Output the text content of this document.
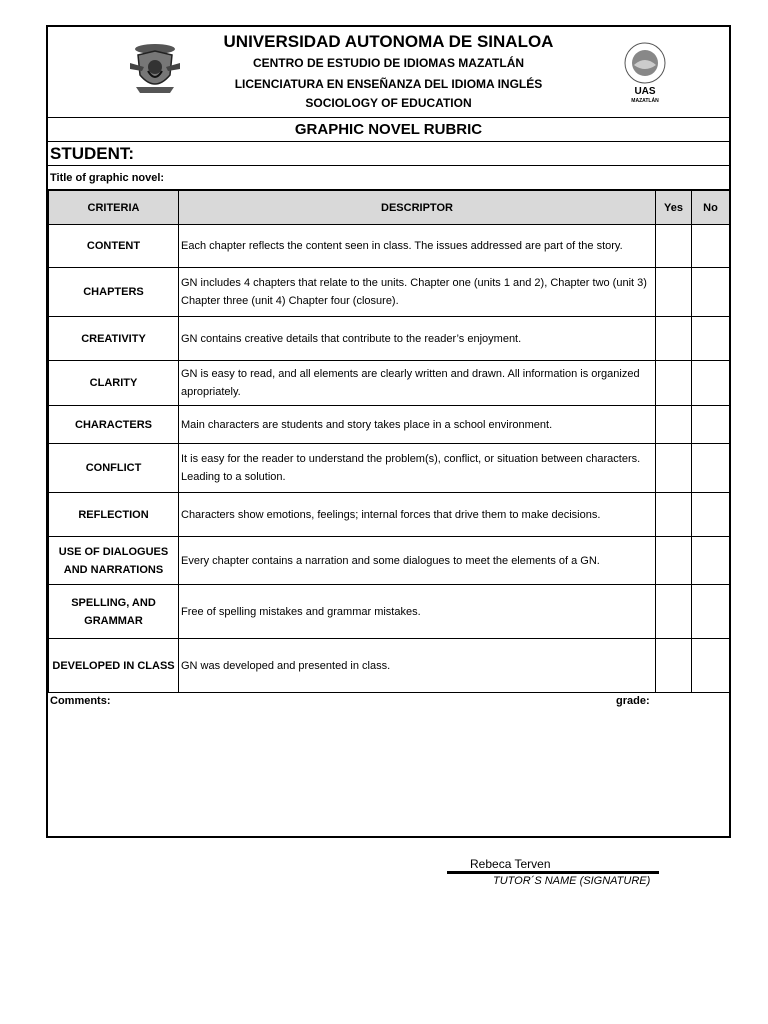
UNIVERSIDAD AUTONOMA DE SINALOA
CENTRO DE ESTUDIO DE IDIOMAS MAZATLÁN
LICENCIATURA EN ENSEÑANZA DEL IDIOMA INGLÉS
SOCIOLOGY OF EDUCATION
UAS
MAZATLÁN
GRAPHIC NOVEL RUBRIC
STUDENT:
Title of graphic novel:
CRITERIA	DESCRIPTOR	Yes	No
CONTENT	Each chapter reflects the content seen in class. The issues addressed are part of the story.		
CHAPTERS	GN includes 4 chapters that relate to the units. Chapter one (units 1 and 2), Chapter two (unit 3) Chapter three (unit 4) Chapter four (closure).		
CREATIVITY	GN contains creative details that contribute to the reader’s enjoyment.		
CLARITY	GN is easy to read, and all elements are clearly written and drawn. All information is organized apropriately.		
CHARACTERS	Main characters are students and story takes place in a school environment.		
CONFLICT	It is easy for the reader to understand the problem(s), conflict, or situation between characters. Leading to a solution.		
REFLECTION	Characters show emotions, feelings; internal forces that drive them to make decisions.		
USE OF DIALOGUES AND NARRATIONS	Every chapter contains a narration and some dialogues to meet the elements of a GN.		
SPELLING, AND GRAMMAR	Free of spelling mistakes and grammar mistakes.		
DEVELOPED IN CLASS	GN was developed and presented in class.		
Comments:	grade:
Rebeca Terven
TUTOR´S NAME (SIGNATURE)
